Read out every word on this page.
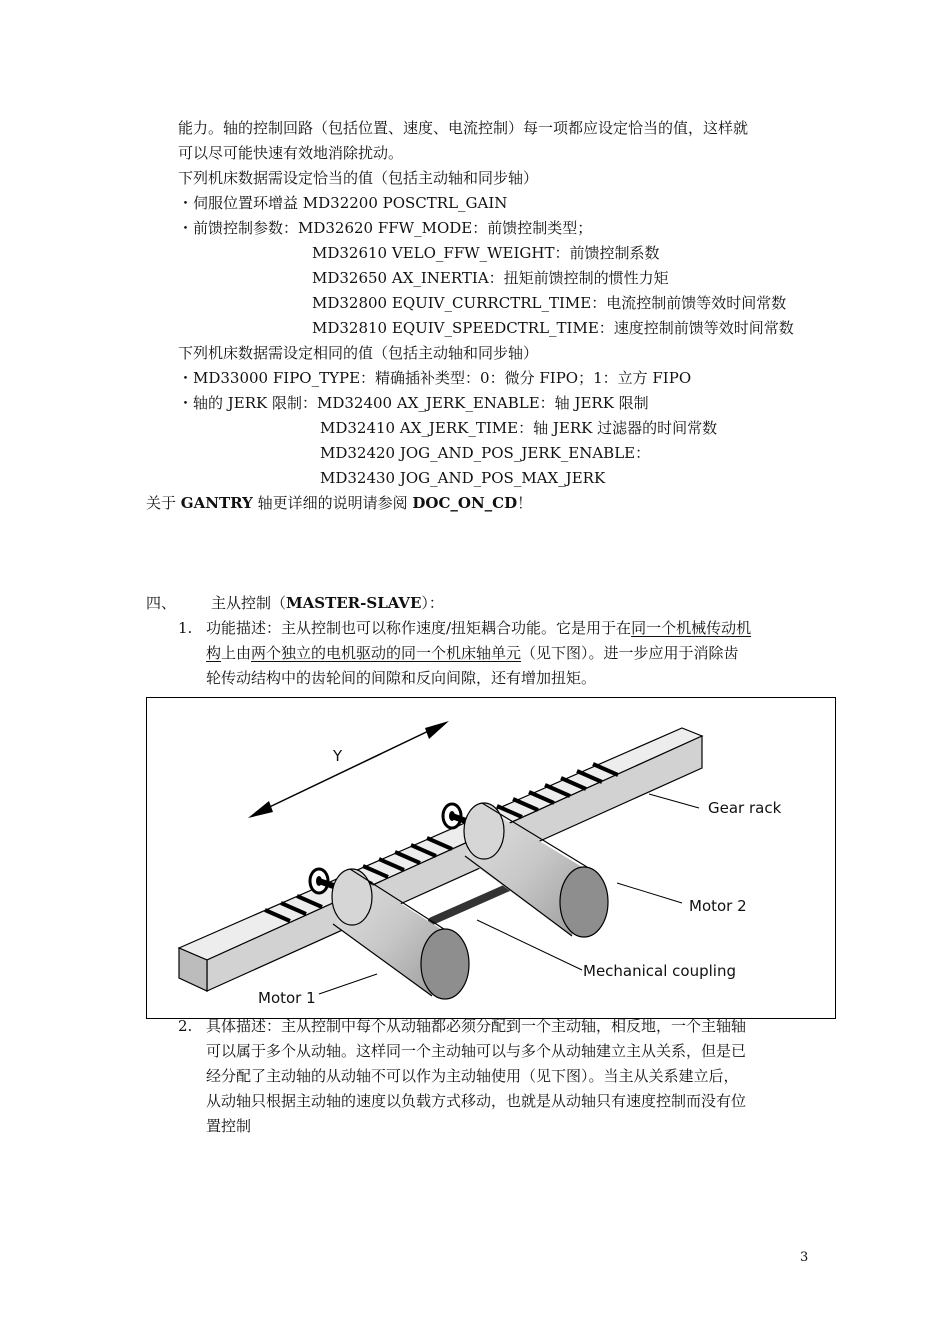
能力。轴的控制回路（包括位置、速度、电流控制）每一项都应设定恰当的值，这样就
可以尽可能快速有效地消除扰动。
下列机床数据需设定恰当的值（包括主动轴和同步轴）
・伺服位置环增益 MD32200 POSCTRL_GAIN
・前馈控制参数：MD32620 FFW_MODE：前馈控制类型；
MD32610 VELO_FFW_WEIGHT：前馈控制系数
MD32650 AX_INERTIA：扭矩前馈控制的惯性力矩
MD32800 EQUIV_CURRCTRL_TIME：电流控制前馈等效时间常数
MD32810 EQUIV_SPEEDCTRL_TIME：速度控制前馈等效时间常数
下列机床数据需设定相同的值（包括主动轴和同步轴）
・MD33000 FIPO_TYPE：精确插补类型：0：微分 FIPO；1：立方 FIPO
・轴的 JERK 限制：MD32400 AX_JERK_ENABLE：轴 JERK 限制
MD32410 AX_JERK_TIME：轴 JERK 过滤器的时间常数
MD32420 JOG_AND_POS_JERK_ENABLE：
MD32430 JOG_AND_POS_MAX_JERK
关于 GANTRY 轴更详细的说明请参阅 DOC_ON_CD！
四、 主从控制（MASTER-SLAVE）：
1. 功能描述：主从控制也可以称作速度/扭矩耦合功能。它是用于在同一个机械传动机
构上由两个独立的电机驱动的同一个机床轴单元（见下图）。进一步应用于消除齿
轮传动结构中的齿轮间的间隙和反向间隙，还有增加扭矩。
Y
Gear rack
Motor 2
Mechanical coupling
Motor 1
2. 具体描述：主从控制中每个从动轴都必须分配到一个主动轴，相反地，一个主轴轴
可以属于多个从动轴。这样同一个主动轴可以与多个从动轴建立主从关系，但是已
经分配了主动轴的从动轴不可以作为主动轴使用（见下图）。当主从关系建立后，
从动轴只根据主动轴的速度以负载方式移动，也就是从动轴只有速度控制而没有位
置控制
3
